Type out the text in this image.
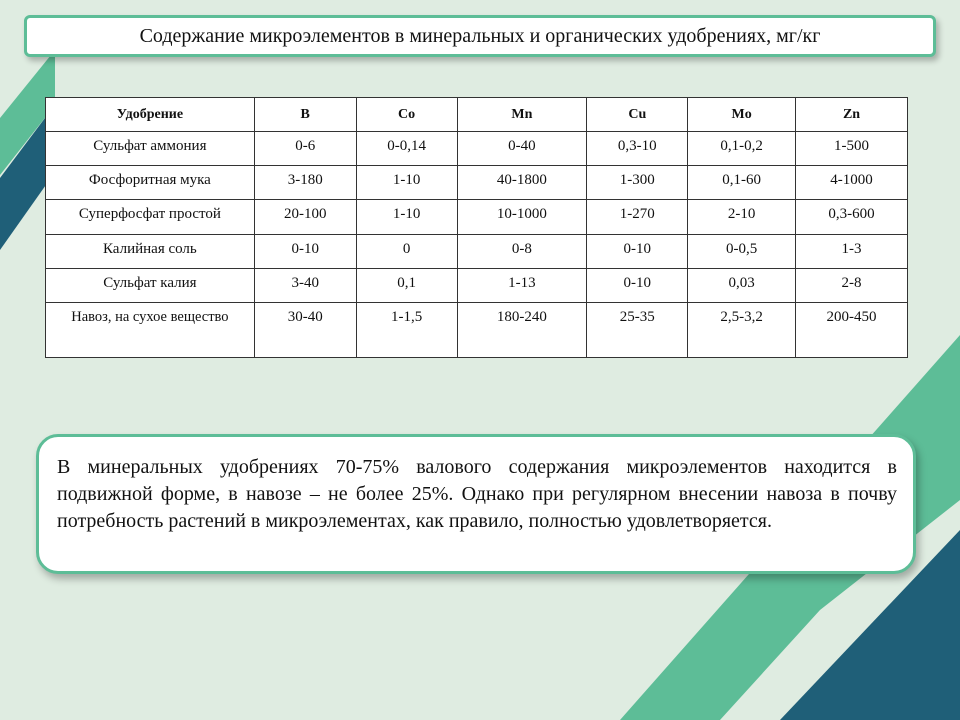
Содержание микроэлементов в минеральных и органических удобрениях, мг/кг
Удобрение	B	Co	Mn	Cu	Mo	Zn
Сульфат аммония	0-6	0-0,14	0-40	0,3-10	0,1-0,2	1-500
Фосфоритная мука	3-180	1-10	40-1800	1-300	0,1-60	4-1000
Суперфосфат простой	20-100	1-10	10-1000	1-270	2-10	0,3-600
Калийная соль	0-10	0	0-8	0-10	0-0,5	1-3
Сульфат калия	3-40	0,1	1-13	0-10	0,03	2-8
Навоз, на сухое вещество	30-40	1-1,5	180-240	25-35	2,5-3,2	200-450
В минеральных удобрениях 70-75% валового содержания микроэлементов находится в подвижной форме, в навозе – не более 25%. Однако при регулярном внесении навоза в почву потребность растений в микроэлементах, как правило, полностью удовлетворяется.
